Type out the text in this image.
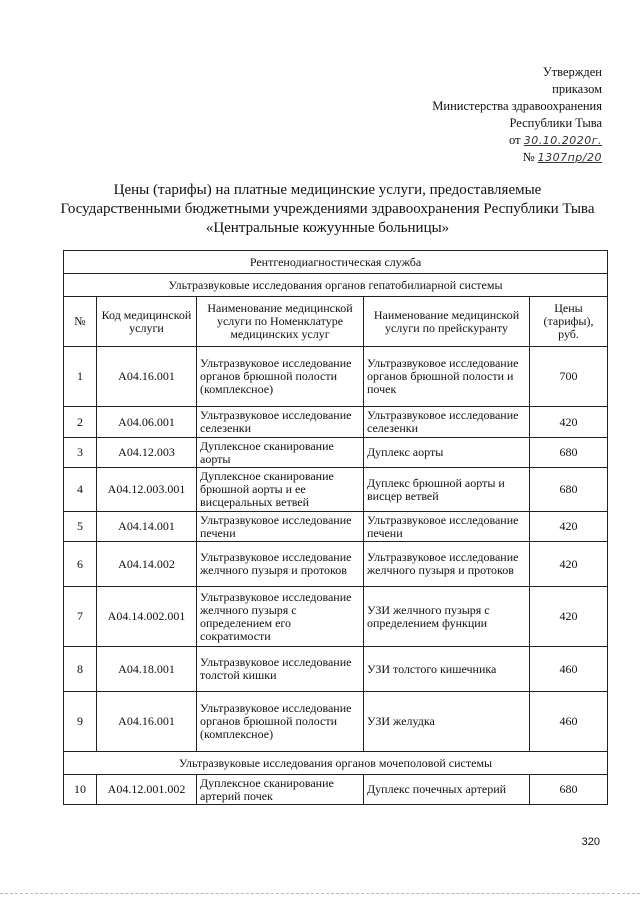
Утвержден
приказом
Министерства здравоохранения
Республики Тыва
от 30.10.2020г.
№ 1307пр/20
Цены (тарифы) на платные медицинские услуги, предоставляемые Государственными бюджетными учреждениями здравоохранения Республики Тыва «Центральные кожуунные больницы»
Рентгенодиагностическая служба				
Ультразвуковые исследования органов гепатобилиарной системы				
№	Код медицинской услуги	Наименование медицинской услуги по Номенклатуре медицинских услуг	Наименование медицинской услуги по прейскуранту	Цены (тарифы), руб.
1	А04.16.001	Ультразвуковое исследование органов брюшной полости (комплексное)	Ультразвуковое исследование органов брюшной полости и почек	700
2	А04.06.001	Ультразвуковое исследование селезенки	Ультразвуковое исследование селезенки	420
3	А04.12.003	Дуплексное сканирование аорты	Дуплекс аорты	680
4	А04.12.003.001	Дуплексное сканирование брюшной аорты и ее висцеральных ветвей	Дуплекс брюшной аорты и висцер ветвей	680
5	А04.14.001	Ультразвуковое исследование печени	Ультразвуковое исследование печени	420
6	А04.14.002	Ультразвуковое исследование желчного пузыря и протоков	Ультразвуковое исследование желчного пузыря и протоков	420
7	А04.14.002.001	Ультразвуковое исследование желчного пузыря с определением его сократимости	УЗИ желчного пузыря с определением функции	420
8	А04.18.001	Ультразвуковое исследование толстой кишки	УЗИ толстого кишечника	460
9	А04.16.001	Ультразвуковое исследование органов брюшной полости (комплексное)	УЗИ желудка	460
Ультразвуковые исследования органов мочеполовой системы				
10	А04.12.001.002	Дуплексное сканирование артерий почек	Дуплекс почечных артерий	680
320
